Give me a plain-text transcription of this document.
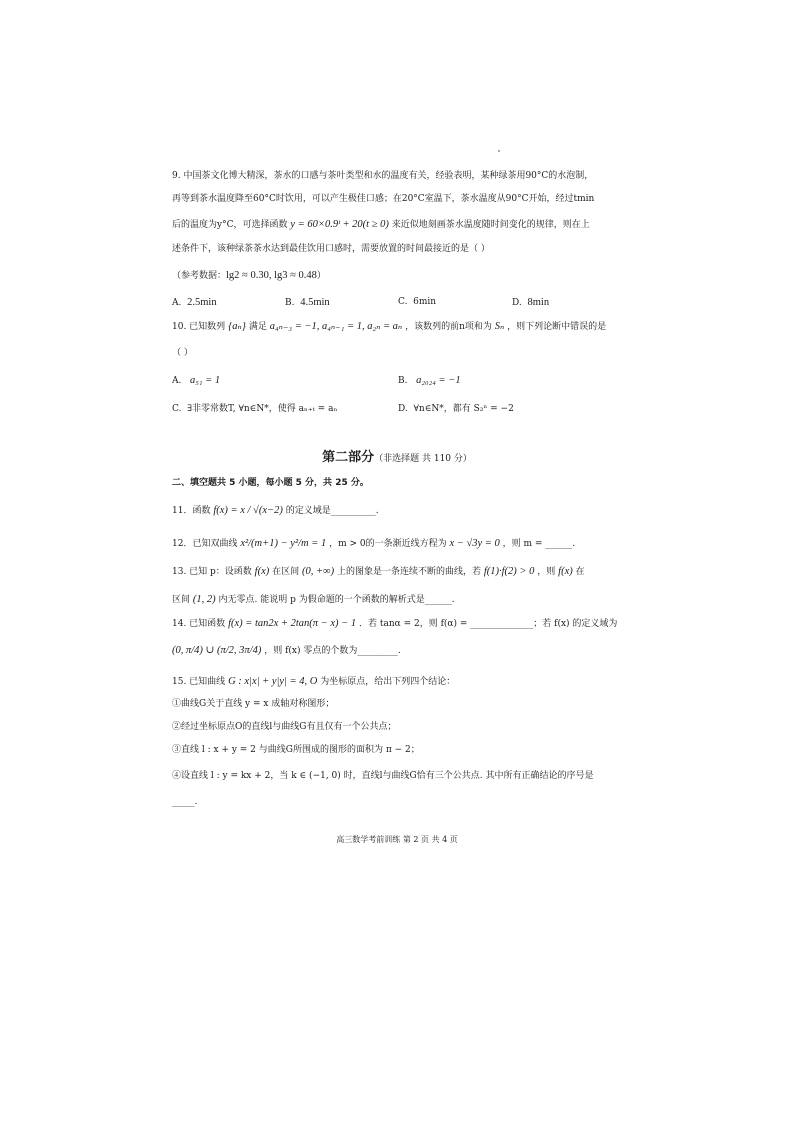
9. 中国茶文化博大精深，茶水的口感与茶叶类型和水的温度有关，经验表明，某种绿茶用90°C的水泡制，
再等到茶水温度降至60°C时饮用，可以产生极佳口感；在20°C室温下，茶水温度从90°C开始，经过tmin
后的温度为y°C，可选择函数 y = 60×0.9ᵗ + 20(t ≥ 0) 来近似地刻画茶水温度随时间变化的规律，则在上
述条件下，该种绿茶茶水达到最佳饮用口感时，需要放置的时间最接近的是（ ）
（参考数据：lg2 ≈ 0.30, lg3 ≈ 0.48）
A. 2.5min	B. 4.5min	C. 6min	D. 8min
10. 已知数列 {aₙ} 满足 a₄ₙ₋₃ = −1, a₄ₙ₋₁ = 1, a₂ₙ = aₙ ，该数列的前n项和为 Sₙ ，则下列论断中错误的是
（ ）
A. a₅₁ = 1	B. a₂₀₂₄ = −1
C. ∃非零常数T, ∀n∈N*，使得 aₙ₊ₜ = aₙ	D. ∀n∈N*，都有 S₂ⁿ = −2
第二部分（非选择题 共 110 分）
二、填空题共 5 小题，每小题 5 分，共 25 分。
11．函数 f(x) = x / √(x−2) 的定义域是__________.
12．已知双曲线 x²/(m+1) − y²/m = 1 ，m > 0的一条渐近线方程为 x − √3y = 0 ，则 m = ______.
13. 已知 p：设函数 f(x) 在区间 (0, +∞) 上的图象是一条连续不断的曲线，若 f(1)·f(2) > 0 ，则 f(x) 在
区间 (1, 2) 内无零点. 能说明 p 为假命题的一个函数的解析式是______.
14. 已知函数 f(x) = tan2x + 2tan(π − x) − 1 ．若 tanα = 2，则 f(α) = ______________；若 f(x) 的定义域为
(0, π/4) ∪ (π/2, 3π/4) ，则 f(x) 零点的个数为_________.
15. 已知曲线 G : x|x| + y|y| = 4, O 为坐标原点，给出下列四个结论：
①曲线G关于直线 y = x 成轴对称图形；
②经过坐标原点O的直线l与曲线G有且仅有一个公共点；
③直线 l : x + y = 2 与曲线G所围成的图形的面积为 π − 2；
④设直线 l : y = kx + 2，当 k ∈ (−1, 0) 时，直线l与曲线G恰有三个公共点. 其中所有正确结论的序号是
_____.
高三数学考前训练 第 2 页 共 4 页
